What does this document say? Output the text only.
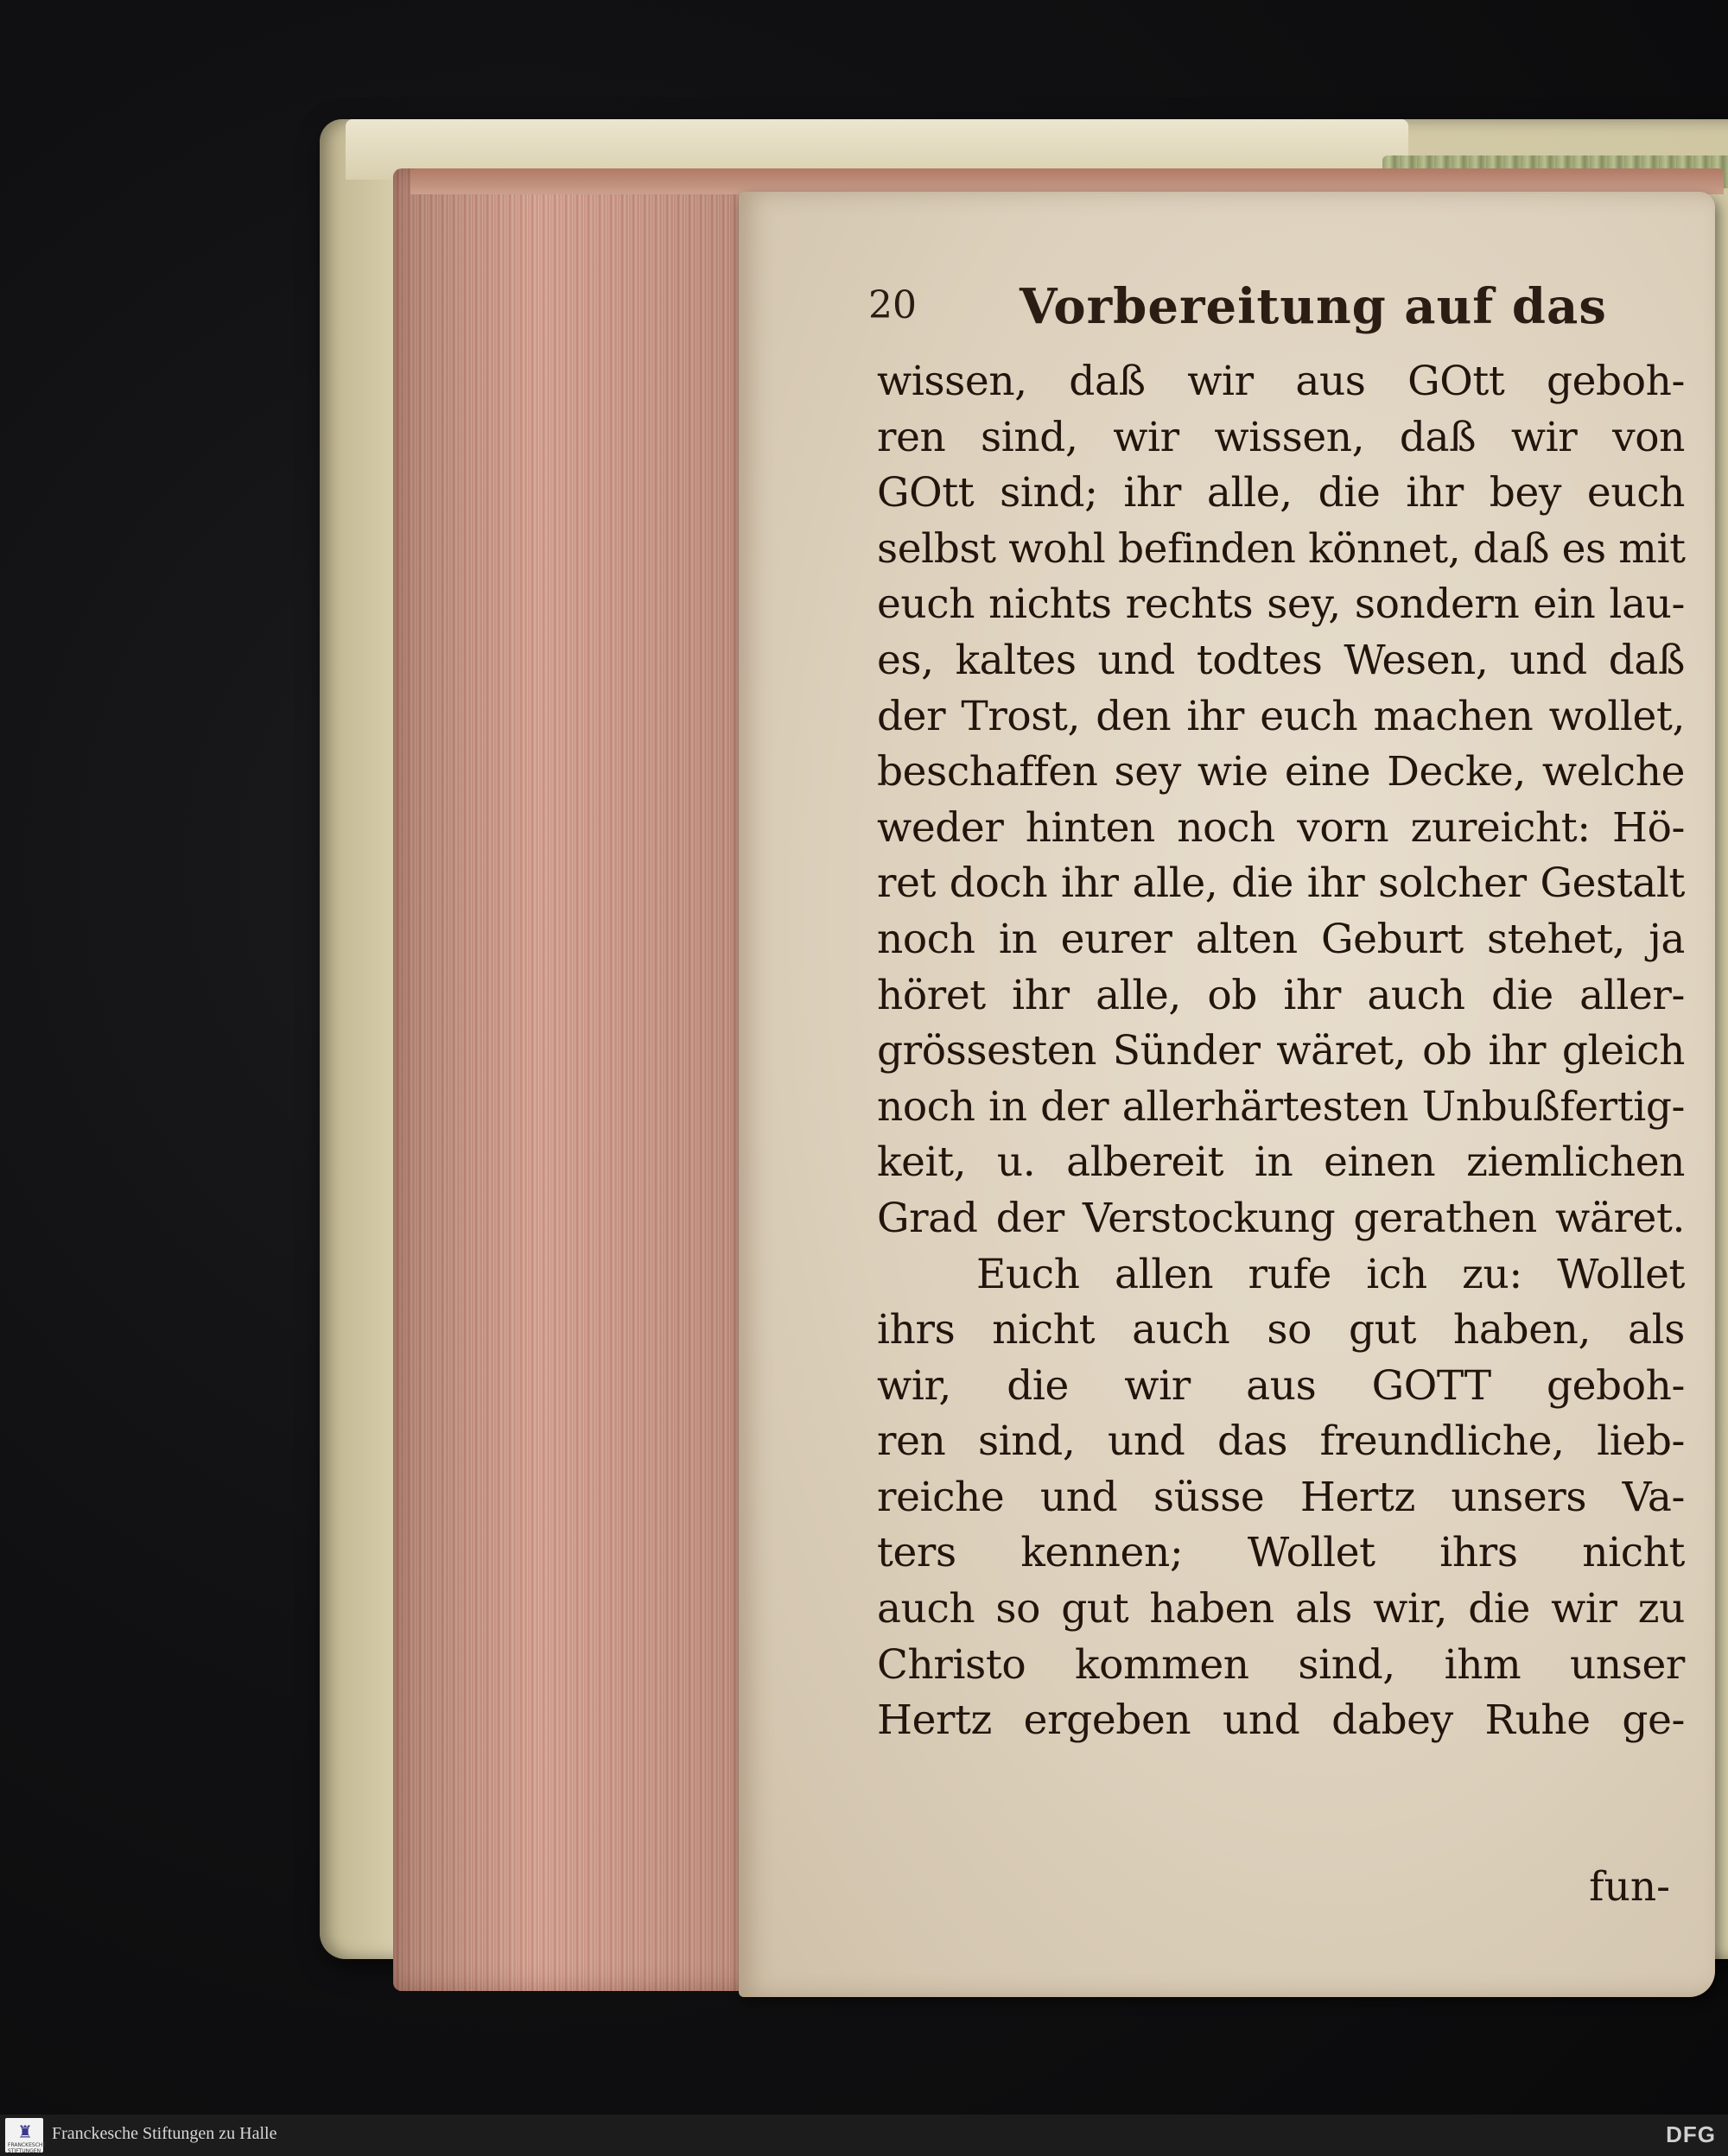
20 Vorbereitung auf das
wissen, daß wir aus GOtt geboh-
ren sind, wir wissen, daß wir von
GOtt sind; ihr alle, die ihr bey euch
selbst wohl befinden könnet, daß es mit
euch nichts rechts sey, sondern ein lau-
es, kaltes und todtes Wesen, und daß
der Trost, den ihr euch machen wollet,
beschaffen sey wie eine Decke, welche
weder hinten noch vorn zureicht: Hö-
ret doch ihr alle, die ihr solcher Gestalt
noch in eurer alten Geburt stehet, ja
höret ihr alle, ob ihr auch die aller-
grössesten Sünder wäret, ob ihr gleich
noch in der allerhärtesten Unbußfertig-
keit, u. albereit in einen ziemlichen
Grad der Verstockung gerathen wäret.
Euch allen rufe ich zu: Wollet
ihrs nicht auch so gut haben, als
wir, die wir aus GOTT geboh-
ren sind, und das freundliche, lieb-
reiche und süsse Hertz unsers Va-
ters kennen; Wollet ihrs nicht
auch so gut haben als wir, die wir zu
Christo kommen sind, ihm unser
Hertz ergeben und dabey Ruhe ge-
fun-
♜
FRANCKESCHE STIFTUNGEN
Franckesche Stiftungen zu Halle	DFG
